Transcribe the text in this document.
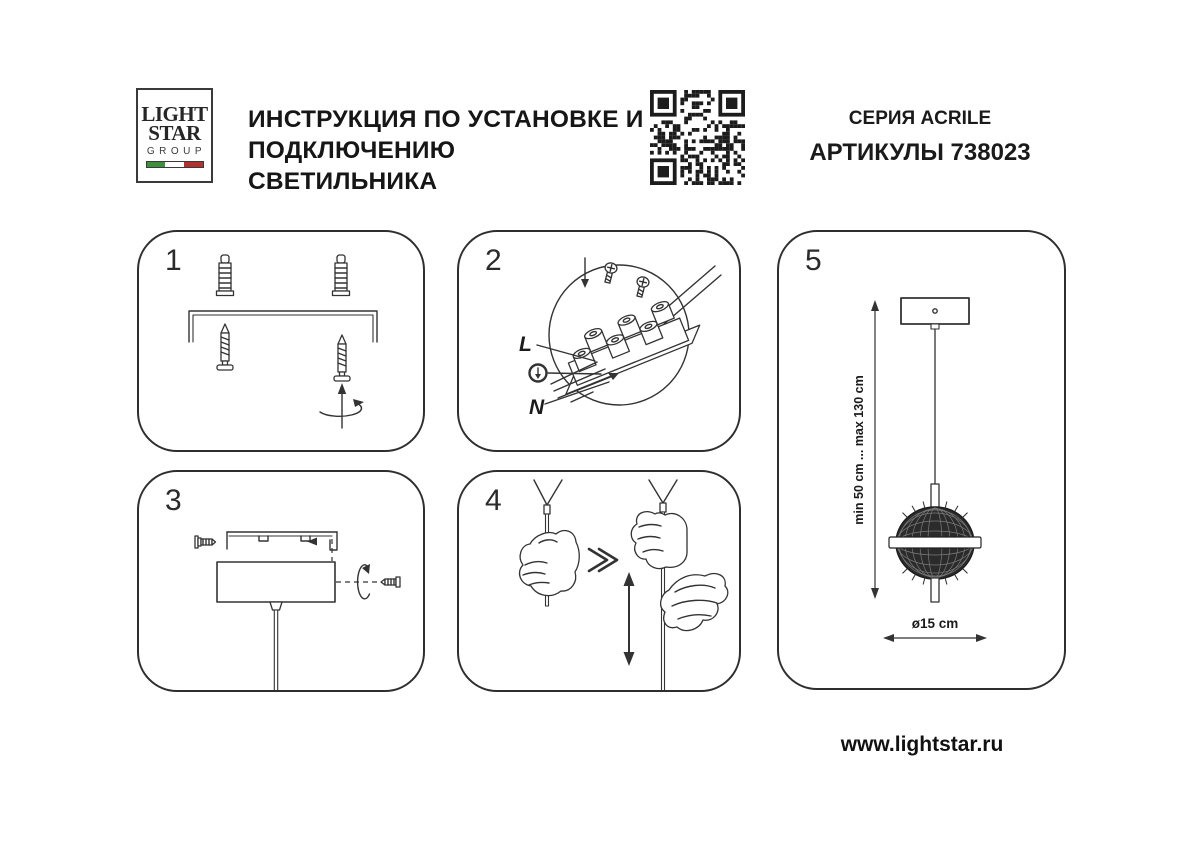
LIGHT
STAR
GROUP
ИНСТРУКЦИЯ ПО УСТАНОВКЕ И
ПОДКЛЮЧЕНИЮ СВЕТИЛЬНИКА
СЕРИЯ ACRILE
АРТИКУЛЫ 738023
1	2
L
N
3	4
5
min 50 cm ... max 130 cm
ø15 cm
www.lightstar.ru
